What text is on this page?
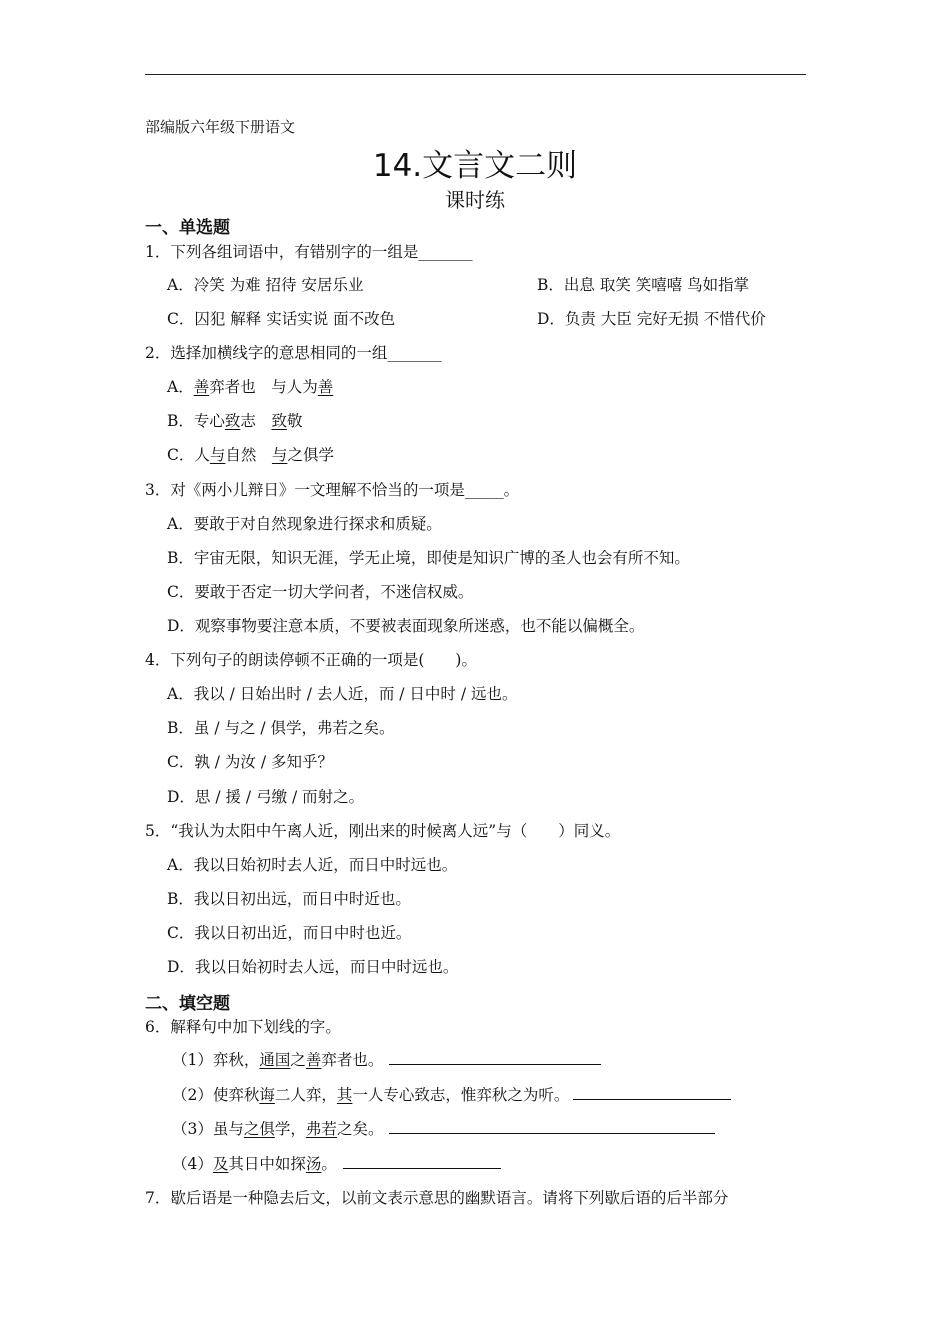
部编版六年级下册语文
14.文言文二则
课时练
一、单选题
1．下列各组词语中，有错别字的一组是_______
A．冷笑 为难 招待 安居乐业	B．出息 取笑 笑嘻嘻 鸟如指掌
C．囚犯 解释 实话实说 面不改色	D．负责 大臣 完好无损 不惜代价
2．选择加横线字的意思相同的一组_______
A．善弈者也　与人为善
B．专心致志　致敬
C．人与自然　与之俱学
3．对《两小儿辩日》一文理解不恰当的一项是_____。
A．要敢于对自然现象进行探求和质疑。
B．宇宙无限，知识无涯，学无止境，即使是知识广博的圣人也会有所不知。
C．要敢于否定一切大学问者，不迷信权威。
D．观察事物要注意本质，不要被表面现象所迷惑，也不能以偏概全。
4．下列句子的朗读停顿不正确的一项是(　　)。
A．我以 / 日始出时 / 去人近，而 / 日中时 / 远也。
B．虽 / 与之 / 俱学，弗若之矣。
C．孰 / 为汝 / 多知乎？
D．思 / 援 / 弓缴 / 而射之。
5．“我认为太阳中午离人近，刚出来的时候离人远”与（　　）同义。
A．我以日始初时去人近，而日中时远也。
B．我以日初出远，而日中时近也。
C．我以日初出近，而日中时也近。
D．我以日始初时去人远，而日中时远也。
二、填空题
6．解释句中加下划线的字。
（1）弈秋，通国之善弈者也。
（2）使弈秋诲二人弈，其一人专心致志，惟弈秋之为听。
（3）虽与之俱学，弗若之矣。
（4）及其日中如探汤。
7．歇后语是一种隐去后文，以前文表示意思的幽默语言。请将下列歇后语的后半部分
